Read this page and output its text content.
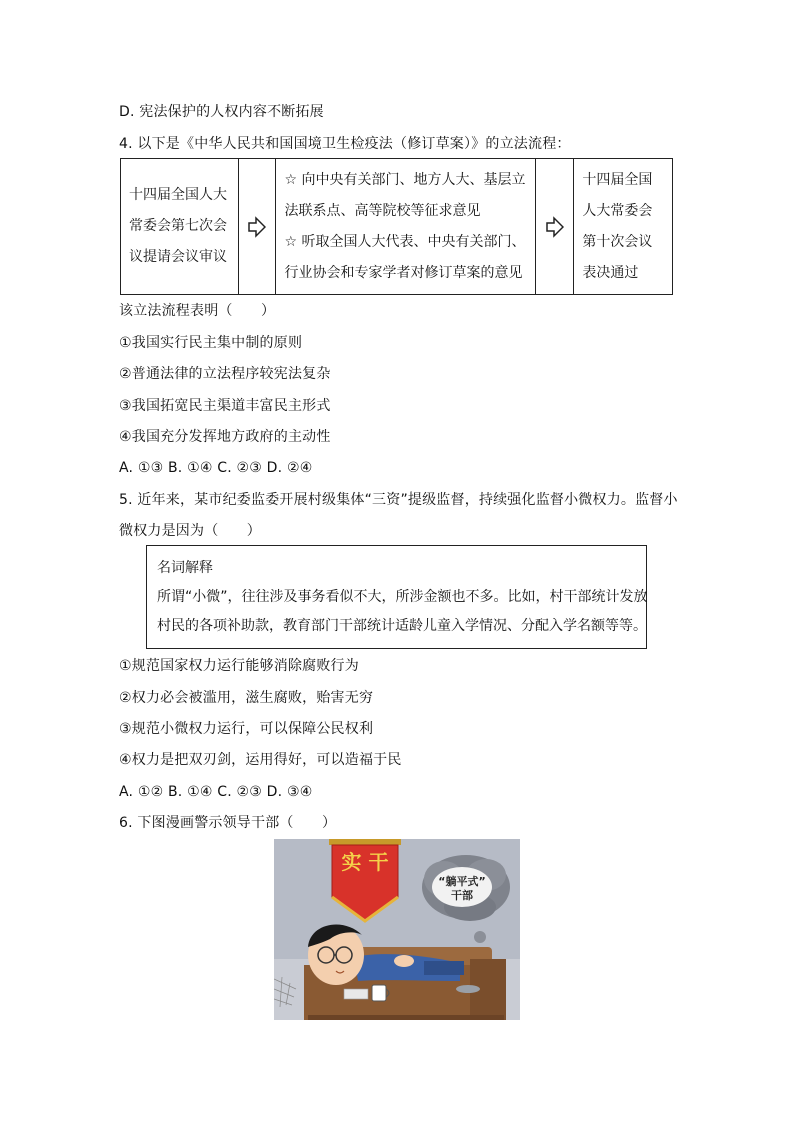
D. 宪法保护的人权内容不断拓展
4. 以下是《中华人民共和国国境卫生检疫法（修订草案）》的立法流程：
十四届全国人大
常委会第七次会
议提请会议审议
☆ 向中央有关部门、地方人大、基层立
法联系点、高等院校等征求意见
☆ 听取全国人大代表、中央有关部门、
行业协会和专家学者对修订草案的意见
十四届全国
人大常委会
第十次会议
表决通过
该立法流程表明（　　）
①我国实行民主集中制的原则
②普通法律的立法程序较宪法复杂
③我国拓宽民主渠道丰富民主形式
④我国充分发挥地方政府的主动性
A. ①③ B. ①④ C. ②③ D. ②④
5. 近年来，某市纪委监委开展村级集体“三资”提级监督，持续强化监督小微权力。监督小
微权力是因为（　　）
名词解释
所谓“小微”，往往涉及事务看似不大，所涉金额也不多。比如，村干部统计发放
村民的各项补助款，教育部门干部统计适龄儿童入学情况、分配入学名额等等。
①规范国家权力运行能够消除腐败行为
②权力必会被滥用，滋生腐败，贻害无穷
③规范小微权力运行，可以保障公民权利
④权力是把双刃剑，运用得好，可以造福于民
A. ①② B. ①④ C. ②③ D. ③④
6. 下图漫画警示领导干部（　　）
实 干
“躺平式”
干部
